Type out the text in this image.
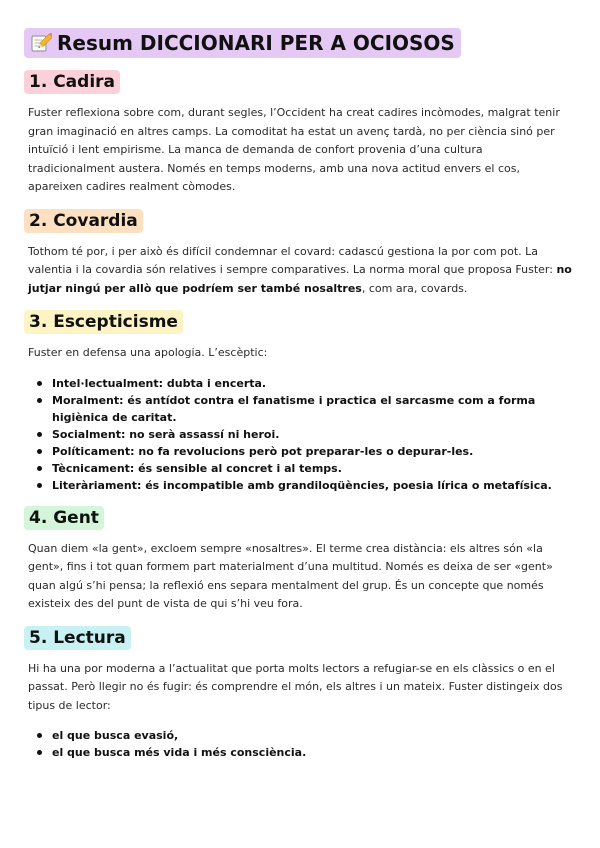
Resum DICCIONARI PER A OCIOSOS
1. Cadira

Fuster reflexiona sobre com, durant segles, l’Occident ha creat cadires incòmodes, malgrat tenir gran imaginació en altres camps. La comoditat ha estat un avenç tardà, no per ciència sinó per intuïció i lent empirisme. La manca de demanda de confort provenia d’una cultura tradicionalment austera. Només en temps moderns, amb una nova actitud envers el cos, apareixen cadires realment còmodes.

2. Covardia

Tothom té por, i per això és difícil condemnar el covard: cadascú gestiona la por com pot. La valentia i la covardia són relatives i sempre comparatives. La norma moral que proposa Fuster: no jutjar ningú per allò que podríem ser també nosaltres, com ara, covards.

3. Escepticisme

Fuster en defensa una apologia. L’escèptic:

Intel·lectualment: dubta i encerta.
Moralment: és antídot contra el fanatisme i practica el sarcasme com a forma higiènica de caritat.
Socialment: no serà assassí ni heroi.
Políticament: no fa revolucions però pot preparar-les o depurar-les.
Tècnicament: és sensible al concret i al temps.
Literàriament: és incompatible amb grandiloqüències, poesia lírica o metafísica.
4. Gent

Quan diem «la gent», excloem sempre «nosaltres». El terme crea distància: els altres són «la gent», fins i tot quan formem part materialment d’una multitud. Només es deixa de ser «gent» quan algú s’hi pensa; la reflexió ens separa mentalment del grup. És un concepte que només existeix des del punt de vista de qui s’hi veu fora.

5. Lectura

Hi ha una por moderna a l’actualitat que porta molts lectors a refugiar-se en els clàssics o en el passat. Però llegir no és fugir: és comprendre el món, els altres i un mateix. Fuster distingeix dos tipus de lector:

el que busca evasió,
el que busca més vida i més consciència.
